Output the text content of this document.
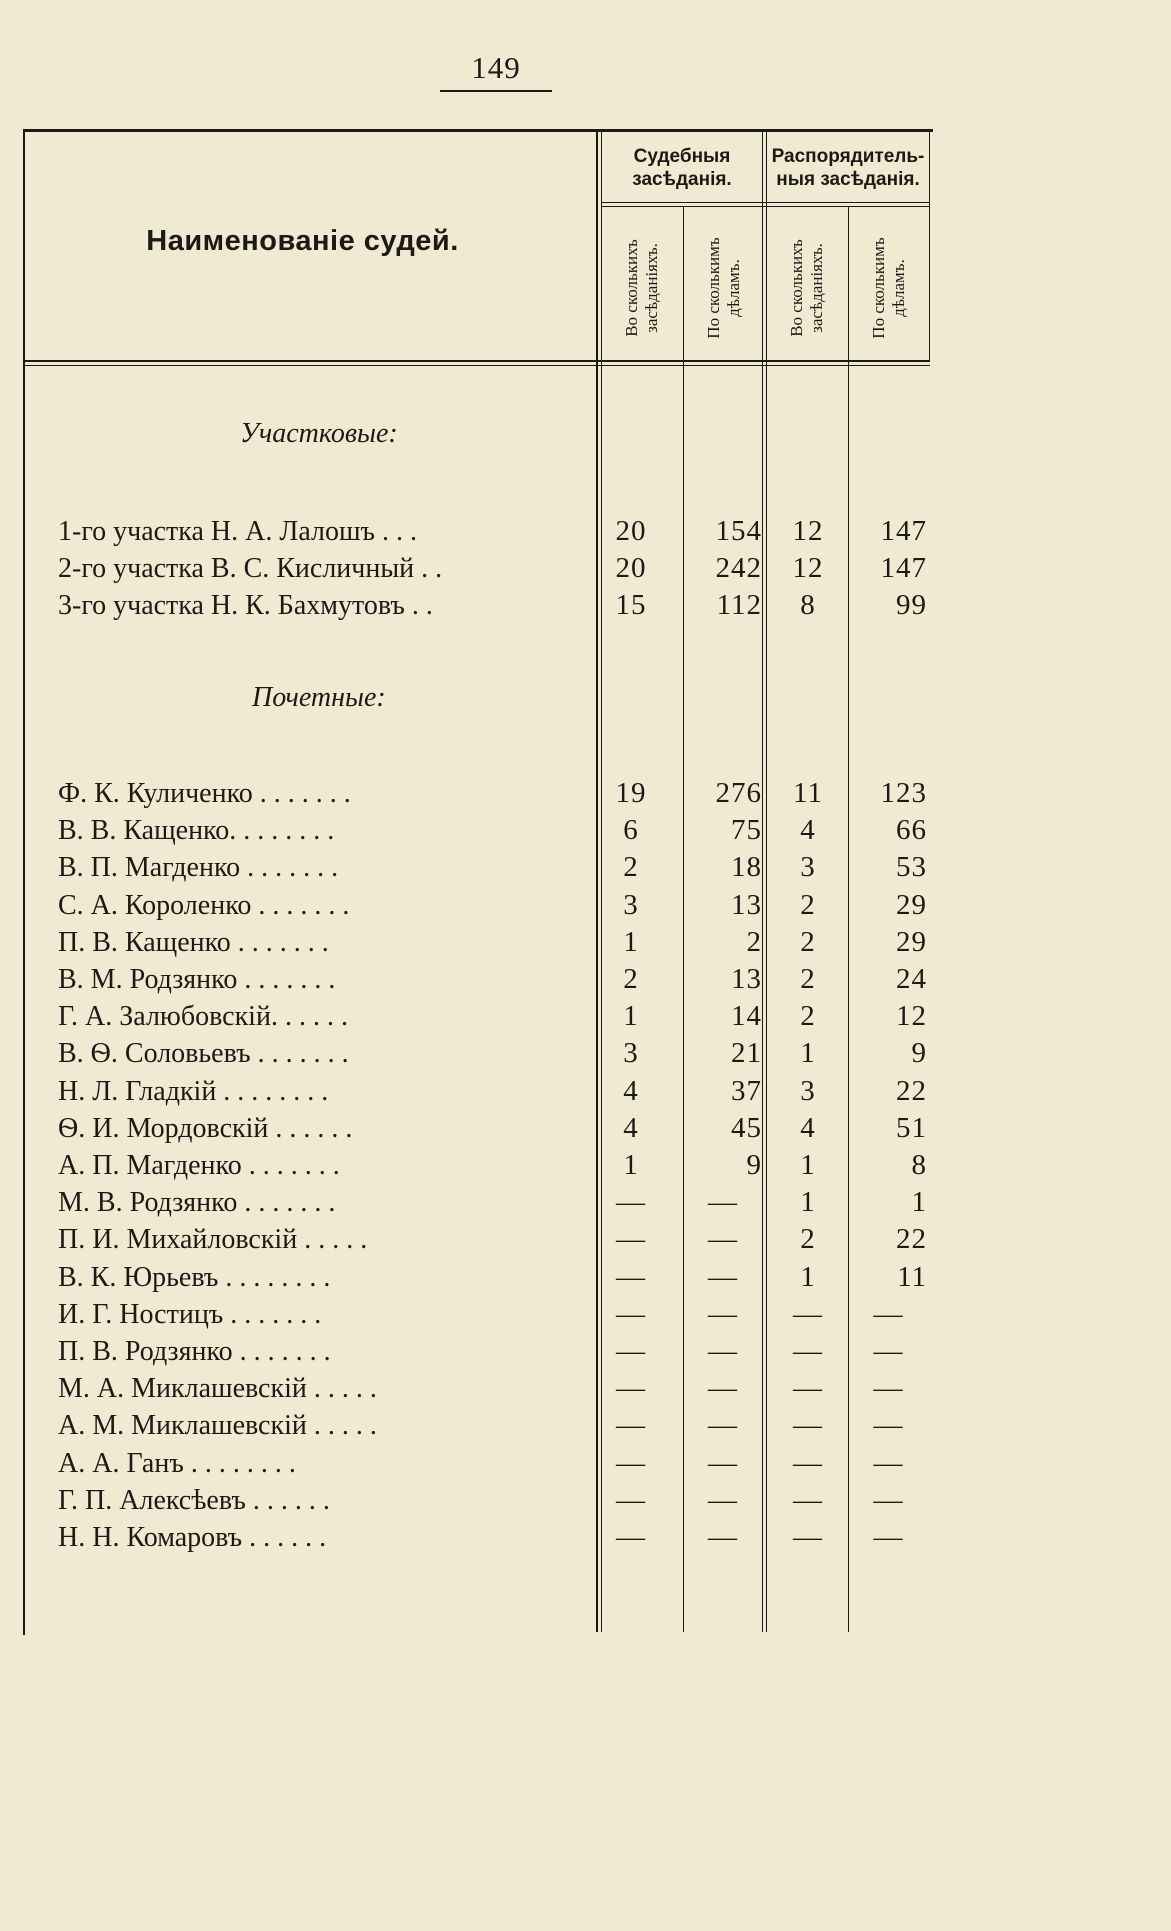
149
Наименованіе судей.
Судебныя засѣданія.
Распорядитель-ныя засѣданія.
Во сколькихъ засѣданіяхъ.	По сколькимъ дѣламъ.	Во сколькихъ засѣданіяхъ.	По сколькимъ дѣламъ.
Участковые:
Почетные:
1-го участка Н. А. Лалошъ . . .	20	154	12	147
2-го участка В. С. Кисличный . .	20	242	12	147
3-го участка Н. К. Бахмутовъ . .	15	112	8	99
Ф. К. Куличенко . . . . . . .	19	276	11	123
В. В. Кащенко. . . . . . . .	6	75	4	66
В. П. Магденко . . . . . . .	2	18	3	53
С. А. Короленко . . . . . . .	3	13	2	29
П. В. Кащенко . . . . . . .	1	2	2	29
В. М. Родзянко . . . . . . .	2	13	2	24
Г. А. Залюбовскій. . . . . .	1	14	2	12
В. Ѳ. Соловьевъ . . . . . . .	3	21	1	9
Н. Л. Гладкій . . . . . . . .	4	37	3	22
Ѳ. И. Мордовскій . . . . . .	4	45	4	51
А. П. Магденко . . . . . . .	1	9	1	8
М. В. Родзянко . . . . . . .	—	—	1	1
П. И. Михайловскій . . . . .	—	—	2	22
В. К. Юрьевъ . . . . . . . .	—	—	1	11
И. Г. Ностицъ . . . . . . .	—	—	—	—
П. В. Родзянко . . . . . . .	—	—	—	—
М. А. Миклашевскій . . . . .	—	—	—	—
А. М. Миклашевскій . . . . .	—	—	—	—
А. А. Ганъ . . . . . . . .	—	—	—	—
Г. П. Алексѣевъ . . . . . .	—	—	—	—
Н. Н. Комаровъ . . . . . .	—	—	—	—
